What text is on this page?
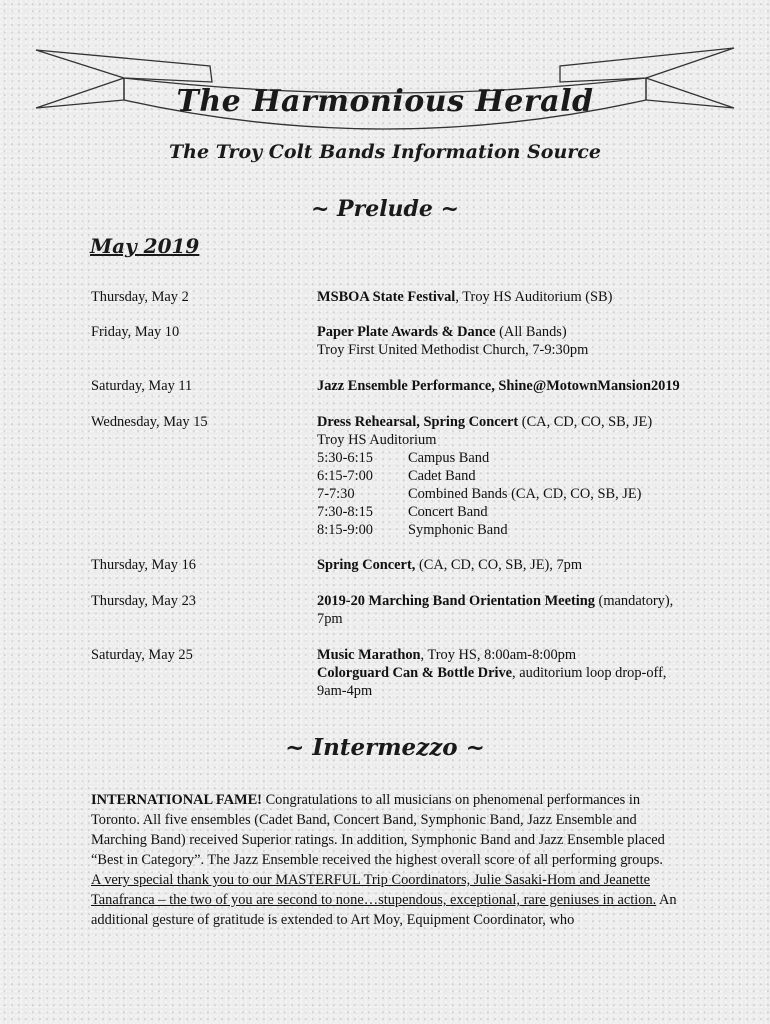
The Harmonious Herald
The Troy Colt Bands Information Source
~ Prelude ~
May 2019
Thursday, May 2	MSBOA State Festival, Troy HS Auditorium (SB)
Friday, May 10	Paper Plate Awards & Dance (All Bands)
Troy First United Methodist Church, 7-9:30pm
Saturday, May 11	Jazz Ensemble Performance, Shine@MotownMansion2019
Wednesday, May 15	Dress Rehearsal, Spring Concert (CA, CD, CO, SB, JE)
Troy HS Auditorium
5:30-6:15 Campus Band
6:15-7:00 Cadet Band
7-7:30	Combined Bands (CA, CD, CO, SB, JE)
7:30-8:15 Concert Band
8:15-9:00 Symphonic Band
Thursday, May 16	Spring Concert, (CA, CD, CO, SB, JE), 7pm
Thursday, May 23	2019-20 Marching Band Orientation Meeting (mandatory),
7pm
Saturday, May 25	Music Marathon, Troy HS, 8:00am-8:00pm
Colorguard Can & Bottle Drive, auditorium loop drop-off,
9am-4pm
~ Intermezzo ~

INTERNATIONAL FAME! Congratulations to all musicians on phenomenal performances in Toronto. All five ensembles (Cadet Band, Concert Band, Symphonic Band, Jazz Ensemble and Marching Band) received Superior ratings. In addition, Symphonic Band and Jazz Ensemble placed “Best in Category”. The Jazz Ensemble received the highest overall score of all performing groups.

A very special thank you to our MASTERFUL Trip Coordinators, Julie Sasaki-Hom and Jeanette Tanafranca – the two of you are second to none…stupendous, exceptional, rare geniuses in action. An additional gesture of gratitude is extended to Art Moy, Equipment Coordinator, who
